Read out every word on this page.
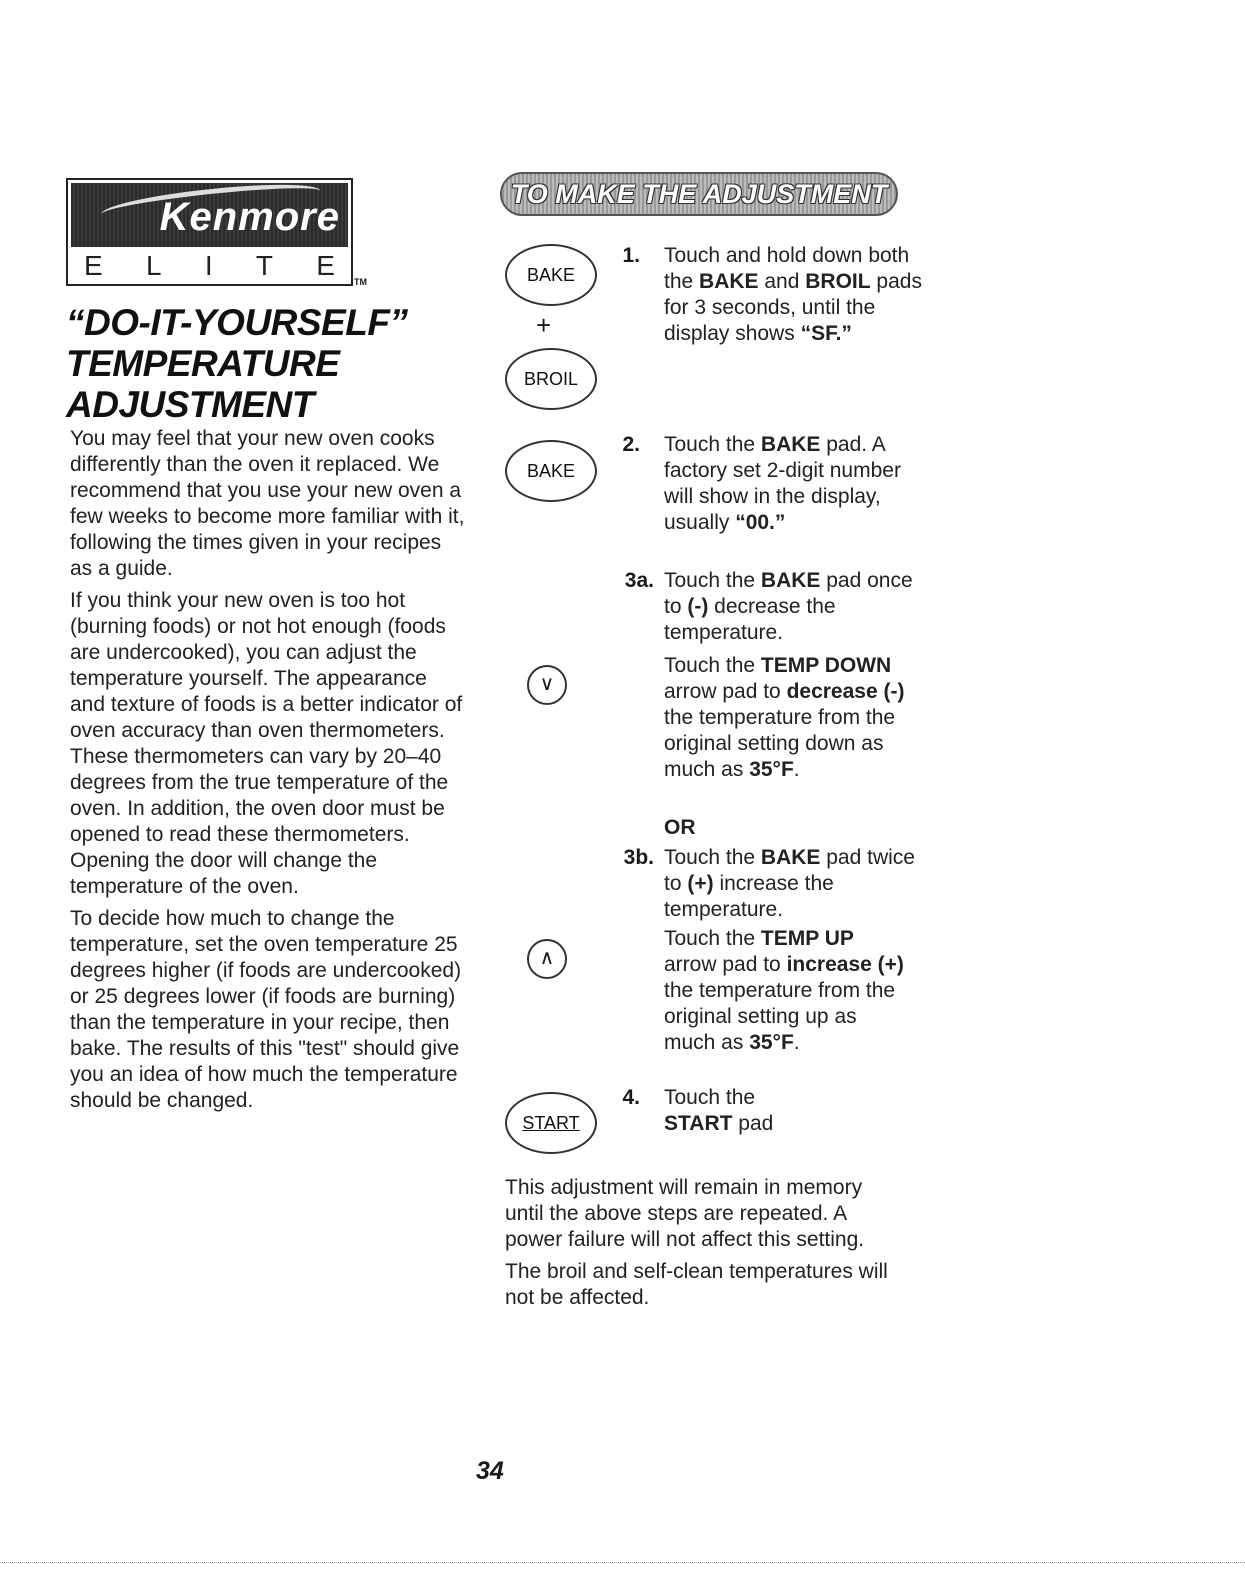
Kenmore
E L I T E
TM
“DO-IT-YOURSELF”
TEMPERATURE
ADJUSTMENT

You may feel that your new oven cooks differently than the oven it replaced. We recommend that you use your new oven a few weeks to become more familiar with it, following the times given in your recipes as a guide.

If you think your new oven is too hot (burning foods) or not hot enough (foods are undercooked), you can adjust the temperature yourself. The appearance and texture of foods is a better indicator of oven accuracy than oven thermometers. These thermometers can vary by 20–40 degrees from the true temperature of the oven. In addition, the oven door must be opened to read these thermometers. Opening the door will change the temperature of the oven.

To decide how much to change the temperature, set the oven temperature 25 degrees higher (if foods are undercooked) or 25 degrees lower (if foods are burning) than the temperature in your recipe, then bake. The results of this "test" should give you an idea of how much the temperature should be changed.

TO MAKE THE ADJUSTMENT
BAKE
+
BROIL
BAKE
∨
∧
START
1.
2.
3a.
3b.
4.
Touch and hold down both the BAKE and BROIL pads for 3 seconds, until the display shows “SF.”
Touch the BAKE pad. A factory set 2-digit number will show in the display, usually “00.”
Touch the BAKE pad once to (-) decrease the temperature.
Touch the TEMP DOWN arrow pad to decrease (-) the temperature from the original setting down as much as 35°F.
OR
Touch the BAKE pad twice to (+) increase the temperature.
Touch the TEMP UP arrow pad to increase (+) the temperature from the original setting up as much as 35°F.
Touch the
START pad

This adjustment will remain in memory until the above steps are repeated. A power failure will not affect this setting.

The broil and self-clean temperatures will not be affected.

34
